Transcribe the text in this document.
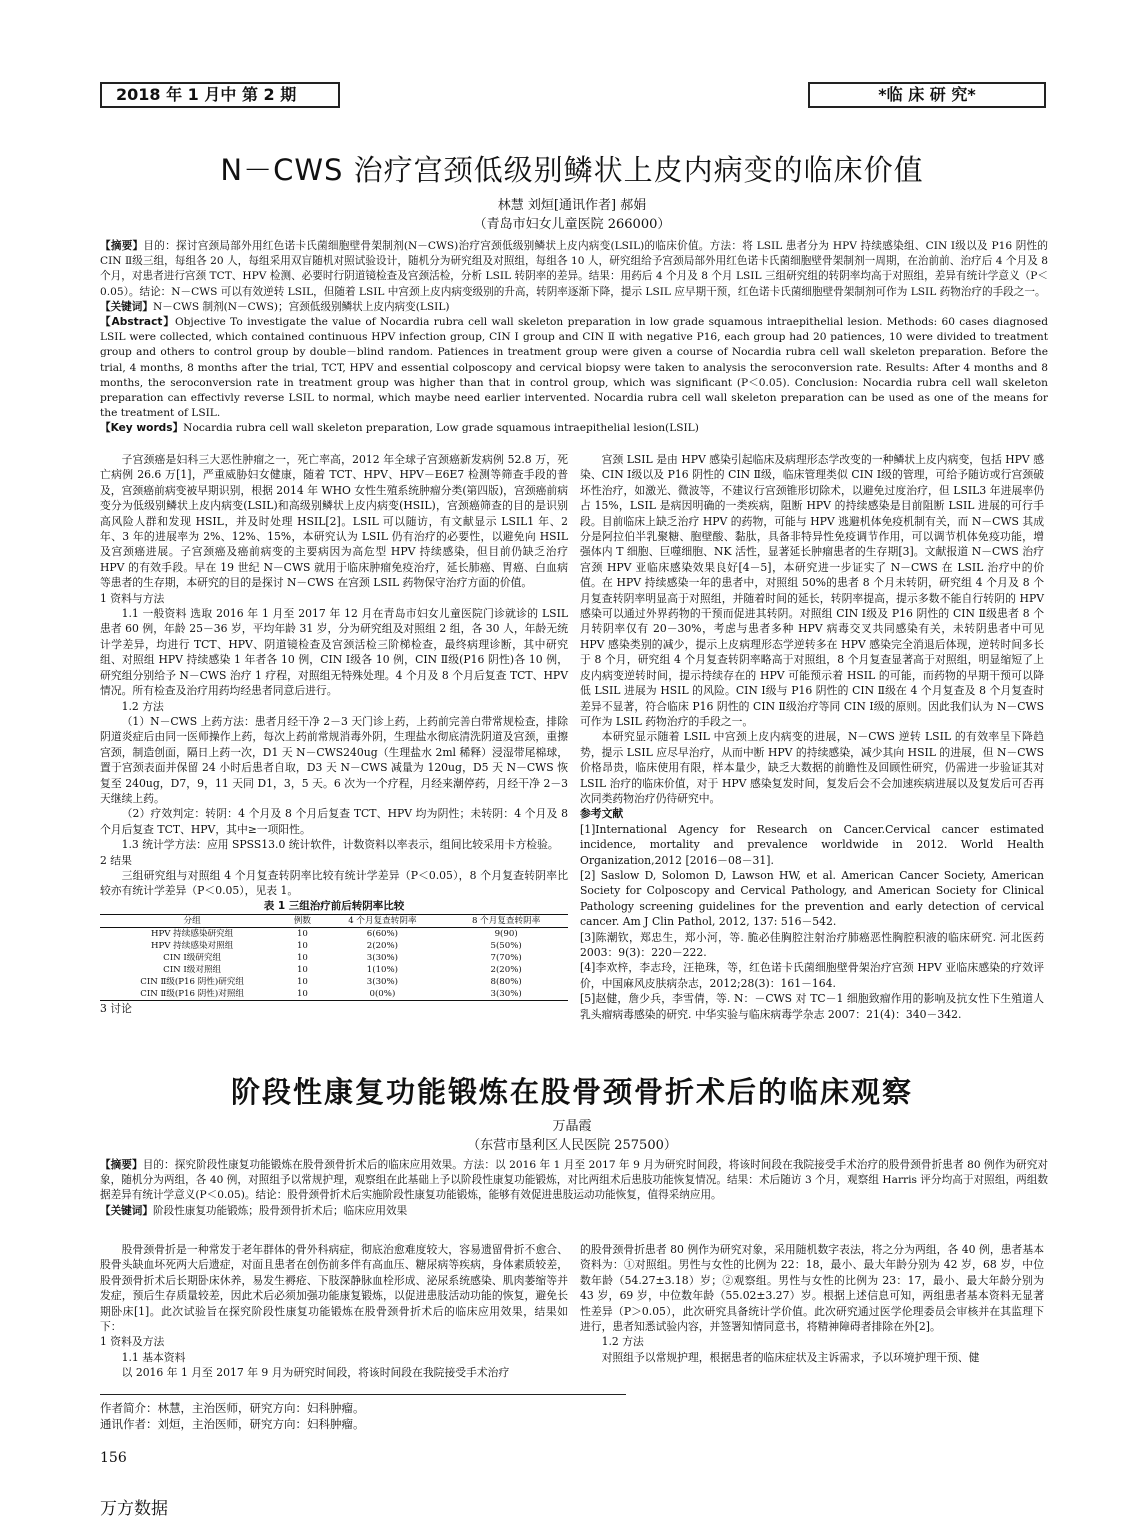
2018 年 1 月中 第 2 期	*临 床 研 究*
N－CWS 治疗宫颈低级别鳞状上皮内病变的临床价值
林慧 刘烜[通讯作者] 郝娟
（青岛市妇女儿童医院 266000）
【摘要】目的：探讨宫颈局部外用红色诺卡氏菌细胞壁骨架制剂(N－CWS)治疗宫颈低级别鳞状上皮内病变(LSIL)的临床价值。方法：将 LSIL 患者分为 HPV 持续感染组、CIN Ⅰ级以及 P16 阴性的 CIN Ⅱ级三组，每组各 20 人，每组采用双盲随机对照试验设计，随机分为研究组及对照组，每组各 10 人，研究组给予宫颈局部外用红色诺卡氏菌细胞壁骨架制剂一周期，在治前前、治疗后 4 个月及 8 个月，对患者进行宫颈 TCT、HPV 检测、必要时行阴道镜检查及宫颈活检，分析 LSIL 转阴率的差异。结果：用药后 4 个月及 8 个月 LSIL 三组研究组的转阴率均高于对照组，差异有统计学意义（P＜0.05）。结论：N－CWS 可以有效逆转 LSIL，但随着 LSIL 中宫颈上皮内病变级别的升高，转阴率逐渐下降，提示 LSIL 应早期干预，红色诺卡氏菌细胞壁骨架制剂可作为 LSIL 药物治疗的手段之一。
【关键词】N－CWS 制剂(N－CWS)；宫颈低级别鳞状上皮内病变(LSIL)
【Abstract】Objective To investigate the value of Nocardia rubra cell wall skeleton preparation in low grade squamous intraepithelial lesion. Methods: 60 cases diagnosed LSIL were collected, which contained continuous HPV infection group, CIN Ⅰ group and CIN Ⅱ with negative P16, each group had 20 patiences, 10 were divided to treatment group and others to control group by double－blind random. Patiences in treatment group were given a course of Nocardia rubra cell wall skeleton preparation. Before the trial, 4 months, 8 months after the trial, TCT, HPV and essential colposcopy and cervical biopsy were taken to analysis the seroconversion rate. Results: After 4 months and 8 months, the seroconversion rate in treatment group was higher than that in control group, which was significant (P＜0.05). Conclusion: Nocardia rubra cell wall skeleton preparation can effectivly reverse LSIL to normal, which maybe need earlier intervented. Nocardia rubra cell wall skeleton preparation can be used as one of the means for the treatment of LSIL.
【Key words】Nocardia rubra cell wall skeleton preparation, Low grade squamous intraepithelial lesion(LSIL)

子宫颈癌是妇科三大恶性肿瘤之一，死亡率高，2012 年全球子宫颈癌新发病例 52.8 万，死亡病例 26.6 万[1]，严重威胁妇女健康，随着 TCT、HPV、HPV－E6E7 检测等筛查手段的普及，宫颈癌前病变被早期识别，根据 2014 年 WHO 女性生殖系统肿瘤分类(第四版)，宫颈癌前病变分为低级别鳞状上皮内病变(LSIL)和高级别鳞状上皮内病变(HSIL)，宫颈癌筛查的目的是识别高风险人群和发现 HSIL，并及时处理 HSIL[2]。LSIL 可以随访，有文献显示 LSIL1 年、2 年、3 年的进展率为 2%、12%、15%，本研究认为 LSIL 仍有治疗的必要性，以避免向 HSIL 及宫颈癌进展。子宫颈癌及癌前病变的主要病因为高危型 HPV 持续感染，但目前仍缺乏治疗 HPV 的有效手段。早在 19 世纪 N－CWS 就用于临床肿瘤免疫治疗，延长肺癌、胃癌、白血病等患者的生存期，本研究的目的是探讨 N－CWS 在宫颈 LSIL 药物保守治疗方面的价值。

1 资料与方法

1.1 一般资料 选取 2016 年 1 月至 2017 年 12 月在青岛市妇女儿童医院门诊就诊的 LSIL 患者 60 例，年龄 25－36 岁，平均年龄 31 岁，分为研究组及对照组 2 组，各 30 人，年龄无统计学差异，均进行 TCT、HPV、阴道镜检查及宫颈活检三阶梯检查，最终病理诊断，其中研究组、对照组 HPV 持续感染 1 年者各 10 例，CIN Ⅰ级各 10 例，CIN Ⅱ级(P16 阴性)各 10 例，研究组分别给予 N－CWS 治疗 1 疗程，对照组无特殊处理。4 个月及 8 个月后复查 TCT、HPV 情况。所有检查及治疗用药均经患者同意后进行。

1.2 方法

（1）N－CWS 上药方法：患者月经干净 2－3 天门诊上药，上药前完善白带常规检查，排除阴道炎症后由同一医师操作上药，每次上药前常规消毒外阴，生理盐水彻底清洗阴道及宫颈，重擦宫颈，制造创面，隔日上药一次，D1 天 N－CWS240ug（生理盐水 2ml 稀释）浸湿带尾棉球，置于宫颈表面并保留 24 小时后患者自取，D3 天 N－CWS 减量为 120ug，D5 天 N－CWS 恢复至 240ug，D7，9，11 天同 D1，3，5 天。6 次为一个疗程，月经来潮停药，月经干净 2－3 天继续上药。

（2）疗效判定：转阴：4 个月及 8 个月后复查 TCT、HPV 均为阴性；未转阴：4 个月及 8 个月后复查 TCT、HPV，其中≥一项阳性。

1.3 统计学方法：应用 SPSS13.0 统计软件，计数资料以率表示，组间比较采用卡方检验。

2 结果

三组研究组与对照组 4 个月复查转阴率比较有统计学差异（P＜0.05），8 个月复查转阴率比较亦有统计学差异（P＜0.05），见表 1。

表 1 三组治疗前后转阴率比较
分组	例数	4 个月复查转阴率	8 个月复查转阴率
HPV 持续感染研究组	10	6(60%)	9(90)
HPV 持续感染对照组	10	2(20%)	5(50%)
CIN Ⅰ级研究组	10	3(30%)	7(70%)
CIN Ⅰ级对照组	10	1(10%)	2(20%)
CIN Ⅱ级(P16 阴性)研究组	10	3(30%)	8(80%)
CIN Ⅱ级(P16 阴性)对照组	10	0(0%)	3(30%)

3 讨论

宫颈 LSIL 是由 HPV 感染引起临床及病理形态学改变的一种鳞状上皮内病变，包括 HPV 感染、CIN Ⅰ级以及 P16 阴性的 CIN Ⅱ级，临床管理类似 CIN Ⅰ级的管理，可给予随访或行宫颈破坏性治疗，如激光、微波等，不建议行宫颈锥形切除术，以避免过度治疗，但 LSIL3 年进展率仍占 15%，LSIL 是病因明确的一类疾病，阻断 HPV 的持续感染是目前阻断 LSIL 进展的可行手段。目前临床上缺乏治疗 HPV 的药物，可能与 HPV 逃避机体免疫机制有关，而 N－CWS 其成分是阿拉伯半乳聚糖、胞壁酸、黏肽，具备非特异性免疫调节作用，可以调节机体免疫功能，增强体内 T 细胞、巨噬细胞、NK 活性，显著延长肿瘤患者的生存期[3]。文献报道 N－CWS 治疗宫颈 HPV 亚临床感染效果良好[4－5]，本研究进一步证实了 N－CWS 在 LSIL 治疗中的价值。在 HPV 持续感染一年的患者中，对照组 50%的患者 8 个月未转阴，研究组 4 个月及 8 个月复查转阴率明显高于对照组，并随着时间的延长，转阴率提高，提示多数不能自行转阴的 HPV 感染可以通过外界药物的干预而促进其转阴。对照组 CIN Ⅰ级及 P16 阴性的 CIN Ⅱ级患者 8 个月转阴率仅有 20－30%，考虑与患者多种 HPV 病毒交叉共同感染有关，未转阴患者中可见 HPV 感染类别的减少，提示上皮病理形态学逆转多在 HPV 感染完全消退后体现，逆转时间多长于 8 个月，研究组 4 个月复查转阴率略高于对照组，8 个月复查显著高于对照组，明显缩短了上皮内病变逆转时间，提示持续存在的 HPV 可能预示着 HSIL 的可能，而药物的早期干预可以降低 LSIL 进展为 HSIL 的风险。CIN Ⅰ级与 P16 阴性的 CIN Ⅱ级在 4 个月复查及 8 个月复查时差异不显著，符合临床 P16 阴性的 CIN Ⅱ级治疗等同 CIN Ⅰ级的原则。因此我们认为 N－CWS 可作为 LSIL 药物治疗的手段之一。

本研究显示随着 LSIL 中宫颈上皮内病变的进展，N－CWS 逆转 LSIL 的有效率呈下降趋势，提示 LSIL 应尽早治疗，从而中断 HPV 的持续感染，减少其向 HSIL 的进展，但 N－CWS 价格昂贵，临床使用有限，样本量少，缺乏大数据的前瞻性及回顾性研究，仍需进一步验证其对 LSIL 治疗的临床价值，对于 HPV 感染复发时间，复发后会不会加速疾病进展以及复发后可否再次同类药物治疗仍待研究中。

参考文献

[1]International Agency for Research on Cancer.Cervical cancer estimated incidence, mortality and prevalence worldwide in 2012. World Health Organization,2012 [2016－08－31].

[2] Saslow D, Solomon D, Lawson HW, et al. American Cancer Society, American Society for Colposcopy and Cervical Pathology, and American Society for Clinical Pathology screening guidelines for the prevention and early detection of cervical cancer. Am J Clin Pathol, 2012, 137: 516－542.

[3]陈潮钦，郑忠生，郑小河，等. 脆必佳胸腔注射治疗肺癌恶性胸腔积液的临床研究. 河北医药 2003：9(3)：220－222.

[4]李欢梓，李志玲，汪艳珠，等，红色诺卡氏菌细胞壁骨架治疗宫颈 HPV 亚临床感染的疗效评价，中国麻风皮肤病杂志，2012;28(3)：161－164.

[5]赵健，詹少兵，李雪倩，等. N：－CWS 对 TC－1 细胞致瘤作用的影响及抗女性下生殖道人乳头瘤病毒感染的研究. 中华实验与临床病毒学杂志 2007：21(4)：340－342.

阶段性康复功能锻炼在股骨颈骨折术后的临床观察
万晶霞
（东营市垦利区人民医院 257500）
【摘要】目的：探究阶段性康复功能锻炼在股骨颈骨折术后的临床应用效果。方法：以 2016 年 1 月至 2017 年 9 月为研究时间段，将该时间段在我院接受手术治疗的股骨颈骨折患者 80 例作为研究对象，随机分为两组，各 40 例，对照组予以常规护理，观察组在此基础上予以阶段性康复功能锻炼，对比两组术后患肢功能恢复情况。结果：术后随访 3 个月，观察组 Harris 评分均高于对照组，两组数据差异有统计学意义(P＜0.05)。结论：股骨颈骨折术后实施阶段性康复功能锻炼，能够有效促进患肢运动功能恢复，值得采纳应用。
【关键词】阶段性康复功能锻炼；股骨颈骨折术后；临床应用效果

股骨颈骨折是一种常发于老年群体的骨外科病症，彻底治愈难度较大，容易遗留骨折不愈合、股骨头缺血坏死两大后遗症，对面且患者在创伤前多伴有高血压、糖尿病等疾病，身体素质较差，股骨颈骨折术后长期卧床休养，易发生褥疮、下肢深静脉血栓形成、泌尿系统感染、肌肉萎缩等并发症，预后生存质量较差，因此术后必须加强功能康复锻炼，以促进患肢活动功能的恢复，避免长期卧床[1]。此次试验旨在探究阶段性康复功能锻炼在股骨颈骨折术后的临床应用效果，结果如下：

1 资料及方法

1.1 基本资料

以 2016 年 1 月至 2017 年 9 月为研究时间段，将该时间段在我院接受手术治疗

的股骨颈骨折患者 80 例作为研究对象，采用随机数字表法，将之分为两组，各 40 例，患者基本资料为：①对照组。男性与女性的比例为 22：18，最小、最大年龄分别为 42 岁，68 岁，中位数年龄（54.27±3.18）岁；②观察组。男性与女性的比例为 23：17，最小、最大年龄分别为 43 岁，69 岁，中位数年龄（55.02±3.27）岁。根据上述信息可知，两组患者基本资料无显著性差异（P＞0.05），此次研究具备统计学价值。此次研究通过医学伦理委员会审核并在其监理下进行，患者知悉试验内容，并签署知情同意书，将精神障碍者排除在外[2]。

1.2 方法

对照组予以常规护理，根据患者的临床症状及主诉需求，予以环境护理干预、健

作者简介：林慧，主治医师，研究方向：妇科肿瘤。
通讯作者：刘烜，主治医师，研究方向：妇科肿瘤。
156
万方数据
